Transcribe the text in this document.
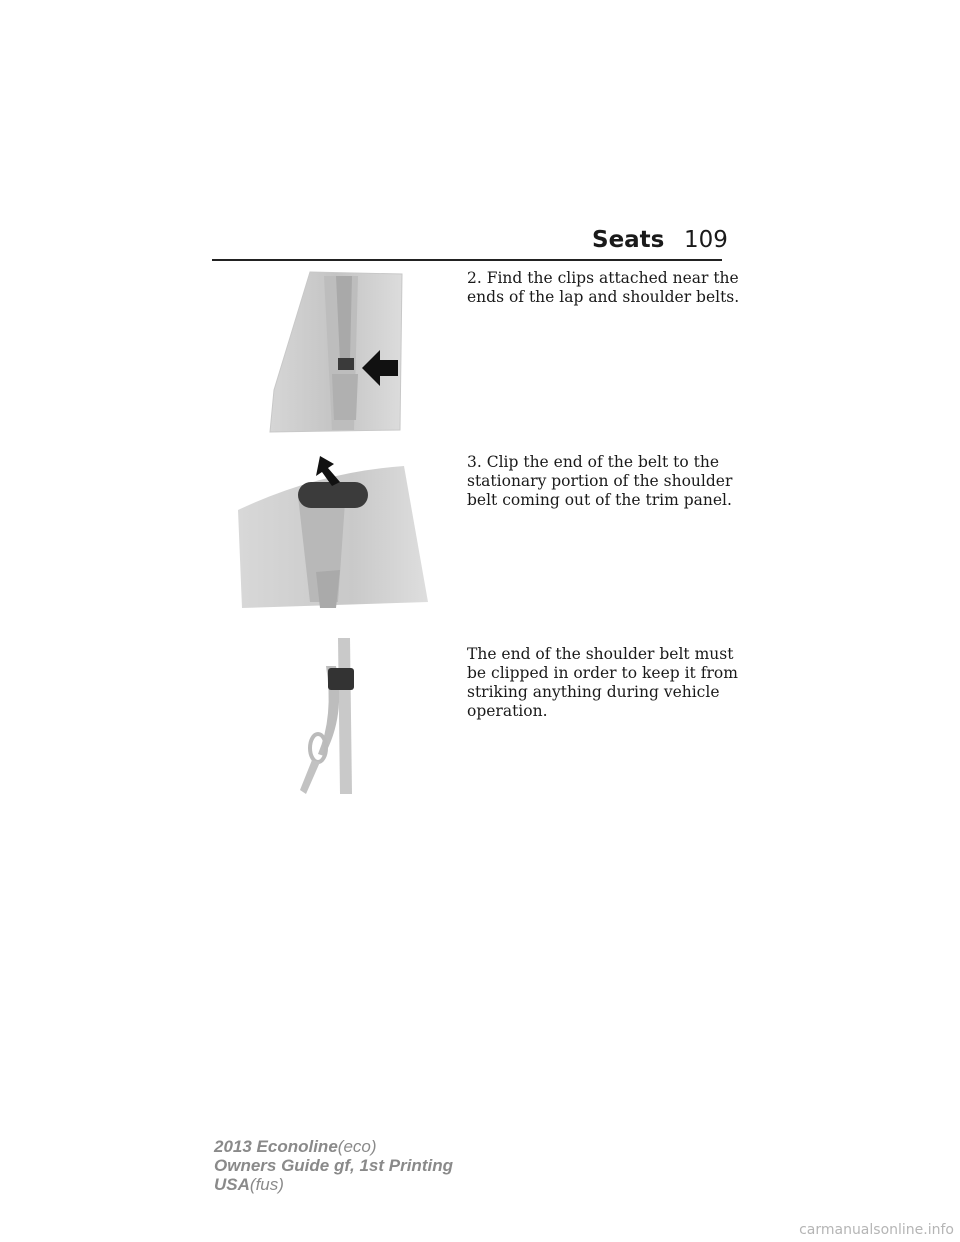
Seats 109
2. Find the clips attached near the
ends of the lap and shoulder belts.
3. Clip the end of the belt to the
stationary portion of the shoulder
belt coming out of the trim panel.
The end of the shoulder belt must
be clipped in order to keep it from
striking anything during vehicle
operation.
2013 Econoline(eco)
Owners Guide gf, 1st Printing
USA(fus)
carmanualsonline.info
